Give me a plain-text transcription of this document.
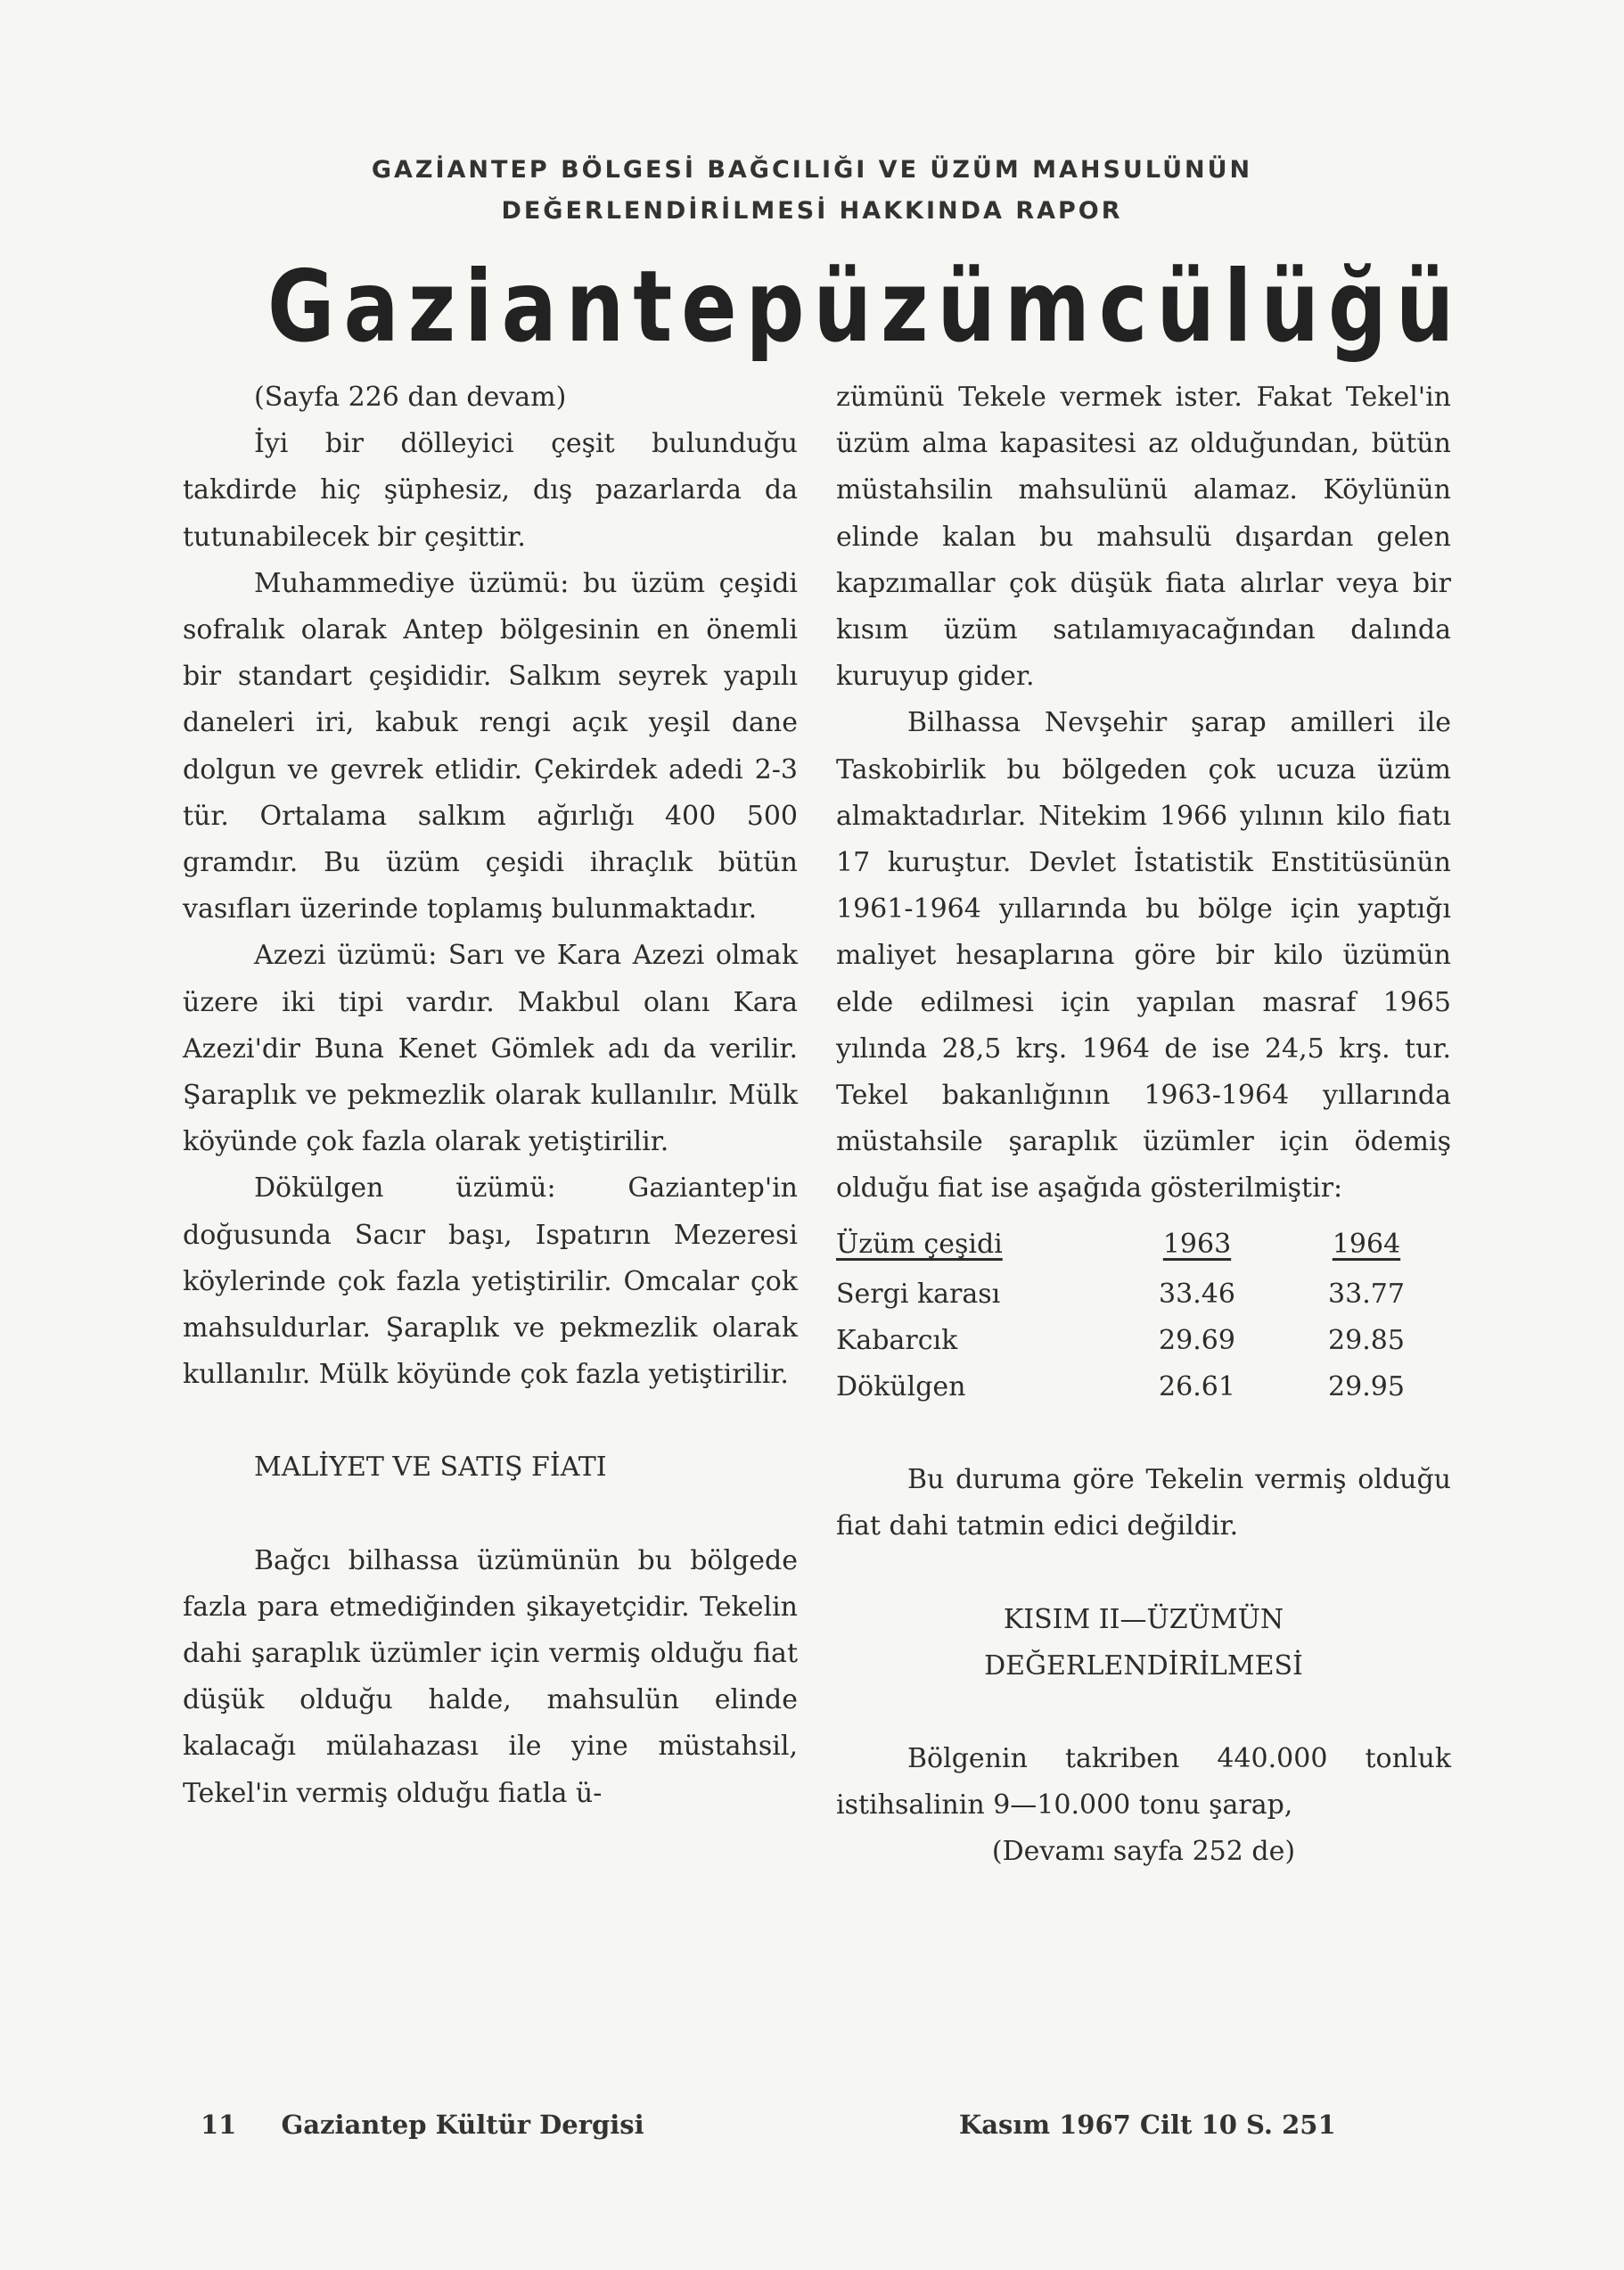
GAZİANTEP BÖLGESİ BAĞCILIĞI VE ÜZÜM MAHSULÜNÜN
DEĞERLENDİRİLMESİ HAKKINDA RAPOR
Gaziantep üzümcülüğü

(Sayfa 226 dan devam)

İyi bir dölleyici çeşit bulunduğu takdirde hiç şüphesiz, dış pazarlarda da tutunabilecek bir çeşittir.

Muhammediye üzümü: bu üzüm çeşidi sofralık olarak Antep bölgesinin en önemli bir standart çeşididir. Salkım seyrek yapılı daneleri iri, kabuk rengi açık yeşil dane dolgun ve gevrek etlidir. Çekirdek adedi 2-3 tür. Ortalama salkım ağırlığı 400 500 gramdır. Bu üzüm çeşidi ihraçlık bütün vasıfları üzerinde toplamış bulunmaktadır.

Azezi üzümü: Sarı ve Kara Azezi olmak üzere iki tipi vardır. Makbul olanı Kara Azezi'dir Buna Kenet Gömlek adı da verilir. Şaraplık ve pekmezlik olarak kullanılır. Mülk köyünde çok fazla olarak yetiştirilir.

Dökülgen üzümü: Gaziantep'in doğusunda Sacır başı, Ispatırın Mezeresi köylerinde çok fazla yetiştirilir. Omcalar çok mahsuldurlar. Şaraplık ve pekmezlik olarak kullanılır. Mülk köyünde çok fazla yetiştirilir.

MALİYET VE SATIŞ FİATI

Bağcı bilhassa üzümünün bu bölgede fazla para etmediğinden şikayetçidir. Tekelin dahi şaraplık üzümler için vermiş olduğu fiat düşük olduğu halde, mahsulün elinde kalacağı mülahazası ile yine müstahsil, Tekel'in vermiş olduğu fiatla ü-

zümünü Tekele vermek ister. Fakat Tekel'in üzüm alma kapasitesi az olduğundan, bütün müstahsilin mahsulünü alamaz. Köylünün elinde kalan bu mahsulü dışardan gelen kapzımallar çok düşük fiata alırlar veya bir kısım üzüm satılamıyacağından dalında kuruyup gider.

Bilhassa Nevşehir şarap amilleri ile Taskobirlik bu bölgeden çok ucuza üzüm almaktadırlar. Nitekim 1966 yılının kilo fiatı 17 kuruştur. Devlet İstatistik Enstitüsünün 1961-1964 yıllarında bu bölge için yaptığı maliyet hesaplarına göre bir kilo üzümün elde edilmesi için yapılan masraf 1965 yılında 28,5 krş. 1964 de ise 24,5 krş. tur. Tekel bakanlığının 1963-1964 yıllarında müstahsile şaraplık üzümler için ödemiş olduğu fiat ise aşağıda gösterilmiştir:

Üzüm çeşidi	1963	1964
Sergi karası	33.46	33.77
Kabarcık	29.69	29.85
Dökülgen	26.61	29.95

Bu duruma göre Tekelin vermiş olduğu fiat dahi tatmin edici değildir.

KISIM II—ÜZÜMÜN

DEĞERLENDİRİLMESİ

Bölgenin takriben 440.000 tonluk istihsalinin 9—10.000 tonu şarap,

(Devamı sayfa 252 de)

11 Gaziantep Kültür Dergisi	Kasım 1967 Cilt 10 S. 251
